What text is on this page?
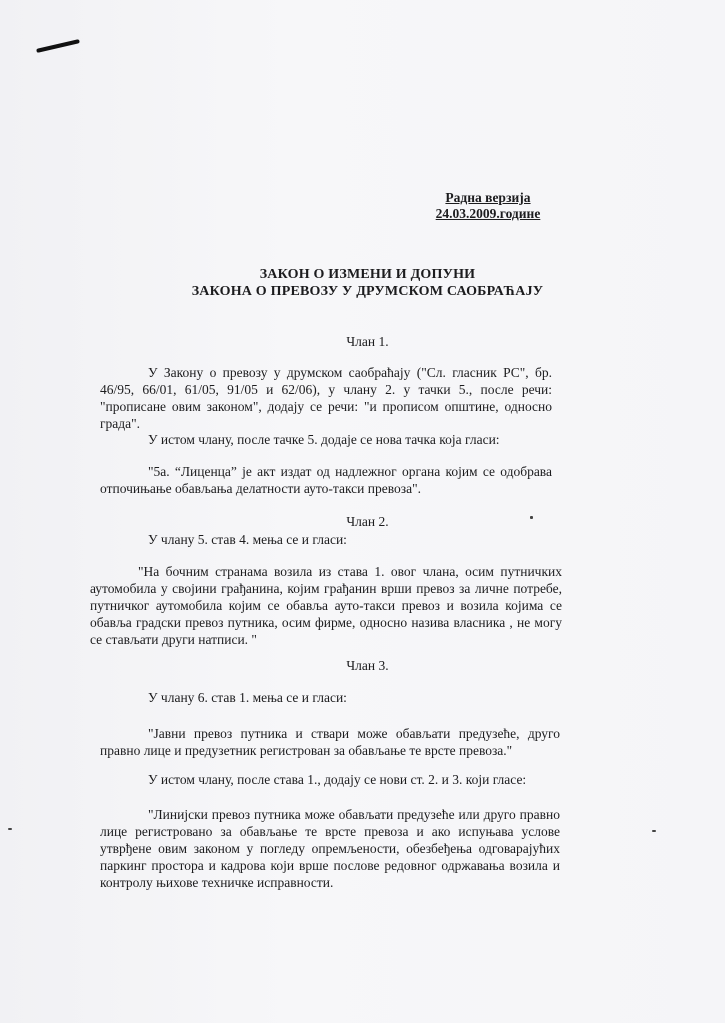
Радна верзија
24.03.2009.године
ЗАКОН О ИЗМЕНИ И ДОПУНИ
ЗАКОНА О ПРЕВОЗУ У ДРУМСКОМ САОБРАЋАЈУ
Члан 1.
У Закону о превозу у друмском саобраћају ("Сл. гласник РС", бр. 46/95, 66/01, 61/05, 91/05 и 62/06), у члану 2. у тачки 5., после речи: "прописане овим законом", додају се речи: "и прописом општине, односно града".
У истом члану, после тачке 5. додаје се нова тачка која гласи:
"5а. “Лиценца” је акт издат од надлежног органа којим се одобрава отпочињање обављања делатности ауто-такси превоза".
Члан 2.
У члану 5. став 4. мења се и гласи:
"На бочним странама возила из става 1. овог члана, осим путничких аутомобила у својини грађанина, којим грађанин врши превоз за личне потребе, путничког аутомобила којим се обавља ауто-такси превоз и возила којима се обавља градски превоз путника, осим фирме, односно назива власника , не могу се стављати други натписи. "
Члан 3.
У члану 6. став 1. мења се и гласи:
"Јавни превоз путника и ствари може обављати предузеће, друго правно лице и предузетник регистрован за обављање те врсте превоза."
У истом члану, после става 1., додају се нови ст. 2. и 3. који гласе:
"Линијски превоз путника може обављати предузеће или друго правно лице регистровано за обављање те врсте превоза и ако испуњава услове утврђене овим законом у погледу опремљености, обезбеђења одговарајућих паркинг простора и кадрова који врше послове редовног одржавања возила и контролу њихове техничке исправности.
